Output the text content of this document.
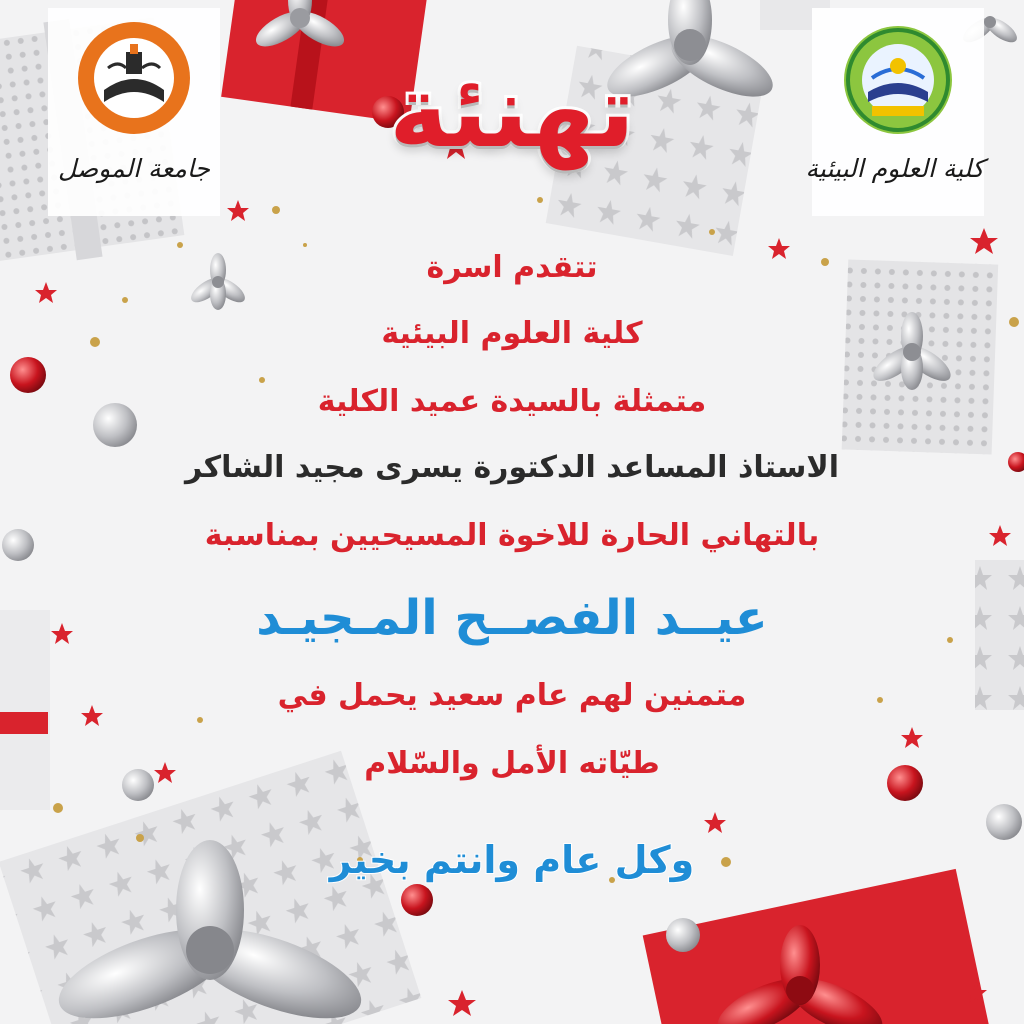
جامعة الموصل	كلية العلوم البيئية
تهنئة
تتقدم اسرة
كلية العلوم البيئية
متمثلة بالسيدة عميد الكلية
الاستاذ المساعد الدكتورة يسرى مجيد الشاكر
بالتهاني الحارة للاخوة المسيحيين بمناسبة
عيــد الفصــح المـجيـد
متمنين لهم عام سعيد يحمل في
طيّاته الأمل والسّلام
وكل عام وانتم بخير
